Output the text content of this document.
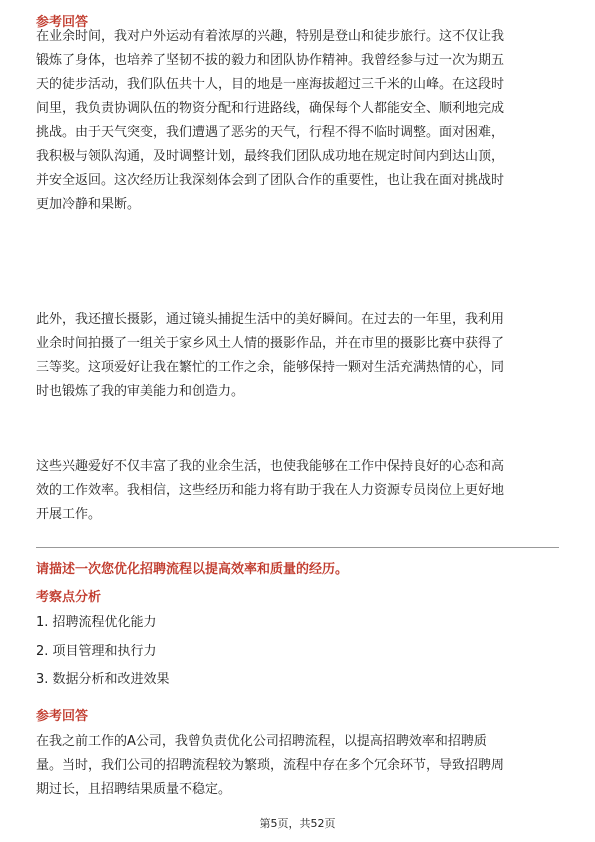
参考回答
在业余时间，我对户外运动有着浓厚的兴趣，特别是登山和徒步旅行。这不仅让我
锻炼了身体，也培养了坚韧不拔的毅力和团队协作精神。我曾经参与过一次为期五
天的徒步活动，我们队伍共十人，目的地是一座海拔超过三千米的山峰。在这段时
间里，我负责协调队伍的物资分配和行进路线，确保每个人都能安全、顺利地完成
挑战。由于天气突变，我们遭遇了恶劣的天气，行程不得不临时调整。面对困难，
我积极与领队沟通，及时调整计划，最终我们团队成功地在规定时间内到达山顶，
并安全返回。这次经历让我深刻体会到了团队合作的重要性，也让我在面对挑战时
更加冷静和果断。
此外，我还擅长摄影，通过镜头捕捉生活中的美好瞬间。在过去的一年里，我利用
业余时间拍摄了一组关于家乡风土人情的摄影作品，并在市里的摄影比赛中获得了
三等奖。这项爱好让我在繁忙的工作之余，能够保持一颗对生活充满热情的心，同
时也锻炼了我的审美能力和创造力。
这些兴趣爱好不仅丰富了我的业余生活，也使我能够在工作中保持良好的心态和高
效的工作效率。我相信，这些经历和能力将有助于我在人力资源专员岗位上更好地
开展工作。
请描述一次您优化招聘流程以提高效率和质量的经历。
考察点分析
1. 招聘流程优化能力
2. 项目管理和执行力
3. 数据分析和改进效果
参考回答
在我之前工作的A公司，我曾负责优化公司招聘流程，以提高招聘效率和招聘质
量。当时，我们公司的招聘流程较为繁琐，流程中存在多个冗余环节，导致招聘周
期过长，且招聘结果质量不稳定。
第5页，共52页
